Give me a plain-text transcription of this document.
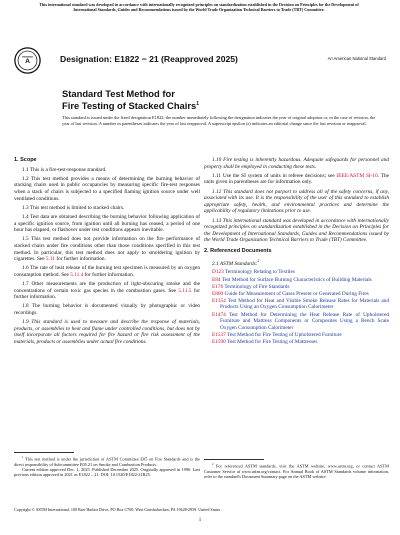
This international standard was developed in accordance with internationally recognized principles on standardization established in the Decision on Principles for the Development of International Standards, Guides and Recommendations issued by the World Trade Organization Technical Barriers to Trade (TBT) Committee.
A	Designation: E1822 − 21 (Reapproved 2025)	An American National Standard
Standard Test Method for
Fire Testing of Stacked Chairs$^1$
This standard is issued under the fixed designation E1822; the number immediately following the designation indicates the year of original adoption or, in the case of revision, the year of last revision. A number in parentheses indicates the year of last reapproval. A superscript epsilon (ε) indicates an editorial change since the last revision or reapproval.
1. Scope
1.1 This is a fire-test-response standard.
1.2 This test method provides a means of determining the burning behavior of stacking chairs used in public occupancies by measuring specific fire-test responses when a stack of chairs is subjected to a specified flaming ignition source under well ventilated conditions.
1.3 This test method is limited to stacked chairs.
1.4 Test data are obtained describing the burning behavior following application of a specific ignition source, from ignition until all burning has ceased, a period of one hour has elapsed, or flashover under test conditions appears inevitable.
1.5 This test method does not provide information on the fire performance of stacked chairs under fire conditions other than those conditions specified in this test method. In particular, this test method does not apply to smoldering ignition by cigarettes. See 5.11 for further information.
1.6 The rate of heat release of the burning test specimen is measured by an oxygen consumption method. See 5.11.4 for further information.
1.7 Other measurements are the production of light-obscuring smoke and the concentrations of certain toxic gas species in the combustion gases. See 5.11.5 for further information.
1.8 The burning behavior is documented visually by photographic or video recordings.
1.9 This standard is used to measure and describe the response of materials, products, or assemblies to heat and flame under controlled conditions, but does not by itself incorporate all factors required for fire hazard or fire risk assessment of the materials, products or assemblies under actual fire conditions.
1.10 Fire testing is inherently hazardous. Adequate safeguards for personnel and property shall be employed in conducting these tests.
1.11 Use the SI system of units in referee decisions; see IEEE/ASTM SI-10. The units given in parentheses are for information only.
1.12 This standard does not purport to address all of the safety concerns, if any, associated with its use. It is the responsibility of the user of this standard to establish appropriate safety, health, and environmental practices and determine the applicability of regulatory limitations prior to use.
1.13 This international standard was developed in accordance with internationally recognized principles on standardization established in the Decision on Principles for the Development of International Standards, Guides and Recommendations issued by the World Trade Organization Technical Barriers to Trade (TBT) Committee.
2. Referenced Documents
2.1 ASTM Standards:$^2$
D123 Terminology Relating to Textiles
E84 Test Method for Surface Burning Characteristics of Building Materials
E176 Terminology of Fire Standards
E800 Guide for Measurement of Gases Present or Generated During Fires
E1354 Test Method for Heat and Visible Smoke Release Rates for Materials and Products Using an Oxygen Consumption Calorimeter
E1474 Test Method for Determining the Heat Release Rate of Upholstered Furniture and Mattress Components or Composites Using a Bench Scale Oxygen Consumption Calorimeter
E1537 Test Method for Fire Testing of Upholstered Furniture
E1590 Test Method for Fire Testing of Mattresses
$^1$ This test method is under the jurisdiction of ASTM Committee E05 on Fire Standards and is the direct responsibility of Subcommittee E05.21 on Smoke and Combustion Products.
Current edition approved Dec. 1, 2025. Published December 2025. Originally approved in 1996. Last previous edition approved in 2021 as E1822 – 21. DOI: 10.1520/E1822-21R25.
$^2$ For referenced ASTM standards, visit the ASTM website, www.astm.org, or contact ASTM Customer Service at www.astm.org/contact. For Annual Book of ASTM Standards volume information, refer to the standard's Document Summary page on the ASTM website.
Copyright © ASTM International, 100 Barr Harbor Drive, PO Box C700, West Conshohocken, PA 19428-2959. United States
1
